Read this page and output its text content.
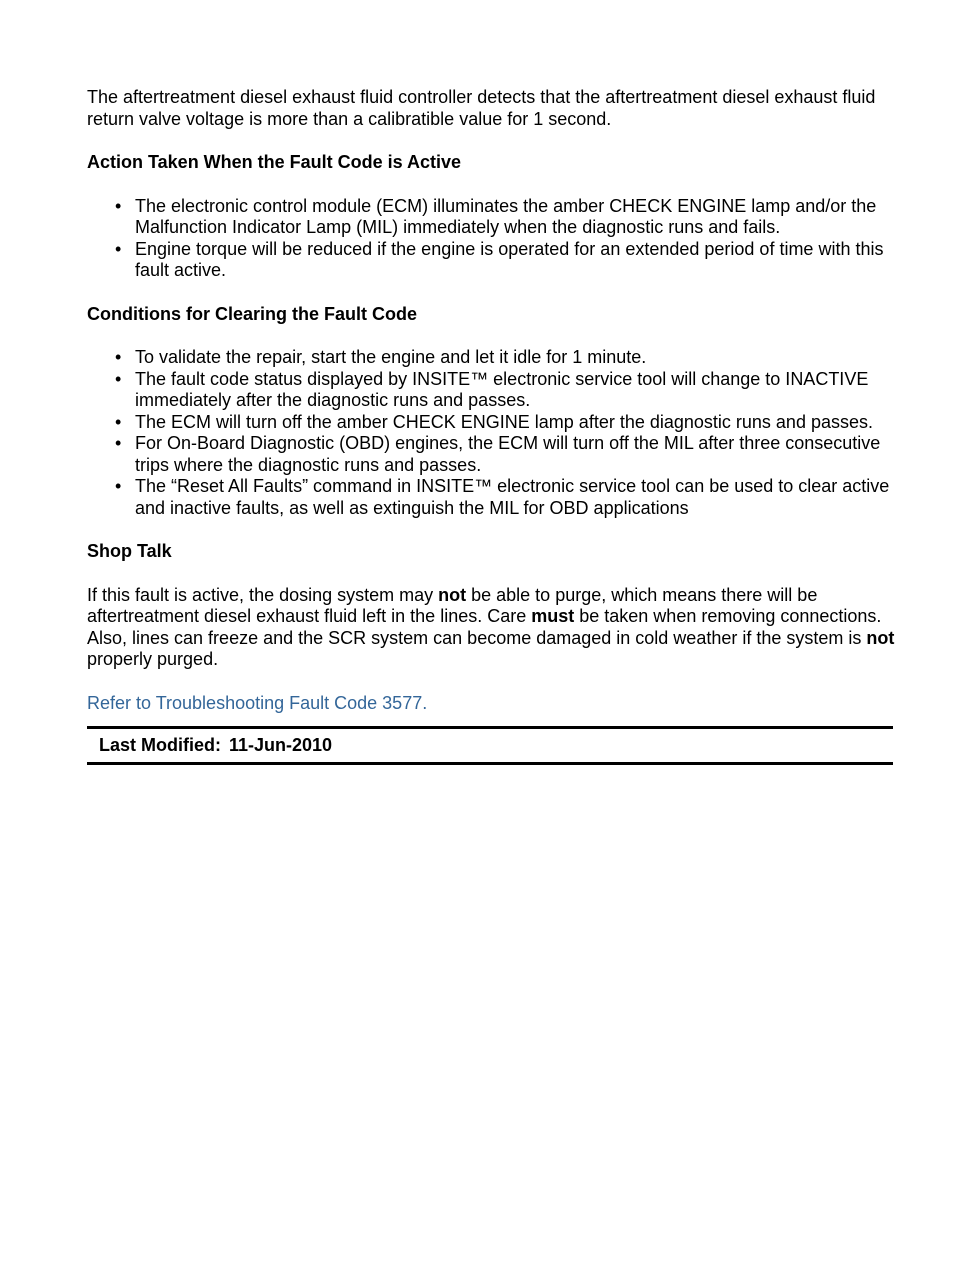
The aftertreatment diesel exhaust fluid controller detects that the aftertreatment diesel exhaust fluid return valve voltage is more than a calibratible value for 1 second.

Action Taken When the Fault Code is Active
• The electronic control module (ECM) illuminates the amber CHECK ENGINE lamp and/or the Malfunction Indicator Lamp (MIL) immediately when the diagnostic runs and fails.
• Engine torque will be reduced if the engine is operated for an extended period of time with this fault active.
Conditions for Clearing the Fault Code
• To validate the repair, start the engine and let it idle for 1 minute.
• The fault code status displayed by INSITE™ electronic service tool will change to INACTIVE immediately after the diagnostic runs and passes.
• The ECM will turn off the amber CHECK ENGINE lamp after the diagnostic runs and passes.
• For On-Board Diagnostic (OBD) engines, the ECM will turn off the MIL after three consecutive trips where the diagnostic runs and passes.
• The “Reset All Faults” command in INSITE™ electronic service tool can be used to clear active and inactive faults, as well as extinguish the MIL for OBD applications
Shop Talk

If this fault is active, the dosing system may not be able to purge, which means there will be aftertreatment diesel exhaust fluid left in the lines. Care must be taken when removing connections. Also, lines can freeze and the SCR system can become damaged in cold weather if the system is not properly purged.

Refer to Troubleshooting Fault Code 3577.
Last Modified: 11-Jun-2010
